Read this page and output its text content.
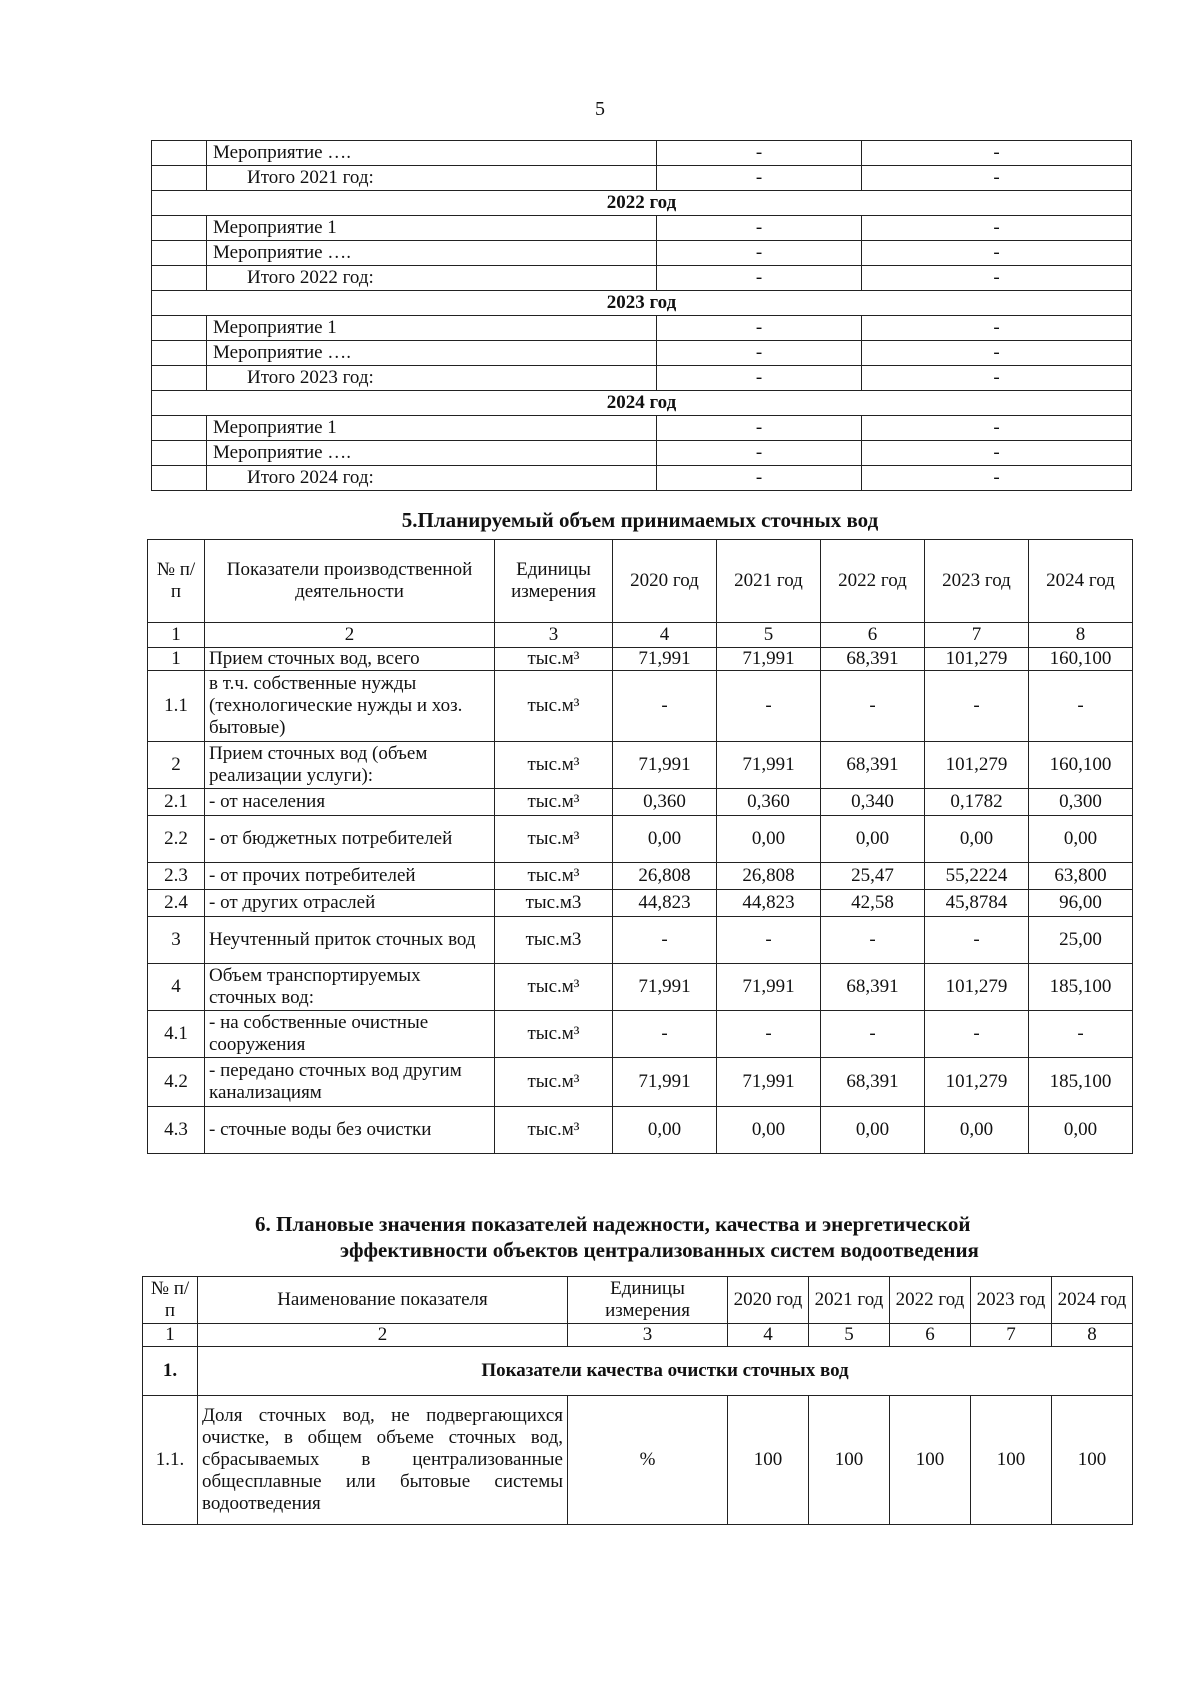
5
	Мероприятие ….	-	-
	Итого 2021 год:	-	-
2022 год			
	Мероприятие 1	-	-
	Мероприятие ….	-	-
	Итого 2022 год:	-	-
2023 год			
	Мероприятие 1	-	-
	Мероприятие ….	-	-
	Итого 2023 год:	-	-
2024 год			
	Мероприятие 1	-	-
	Мероприятие ….	-	-
	Итого 2024 год:	-	-
5.Планируемый объем принимаемых сточных вод
№ п/п	Показатели производственной деятельности	Единицы измерения	2020 год	2021 год	2022 год	2023 год	2024 год
1	2	3	4	5	6	7	8
1	Прием сточных вод, всего	тыс.м³	71,991	71,991	68,391	101,279	160,100
1.1	в т.ч. собственные нужды (технологические нужды и хоз. бытовые)	тыс.м³	-	-	-	-	-
2	Прием сточных вод (объем реализации услуги):	тыс.м³	71,991	71,991	68,391	101,279	160,100
2.1	- от населения	тыс.м³	0,360	0,360	0,340	0,1782	0,300
2.2	- от бюджетных потребителей	тыс.м³	0,00	0,00	0,00	0,00	0,00
2.3	- от прочих потребителей	тыс.м³	26,808	26,808	25,47	55,2224	63,800
2.4	- от других отраслей	тыс.м3	44,823	44,823	42,58	45,8784	96,00
3	Неучтенный приток сточных вод	тыс.м3	-	-	-	-	25,00
4	Объем транспортируемых сточных вод:	тыс.м³	71,991	71,991	68,391	101,279	185,100
4.1	- на собственные очистные сооружения	тыс.м³	-	-	-	-	-
4.2	- передано сточных вод другим канализациям	тыс.м³	71,991	71,991	68,391	101,279	185,100
4.3	- сточные воды без очистки	тыс.м³	0,00	0,00	0,00	0,00	0,00
6. Плановые значения показателей надежности, качества и энергетической
эффективности объектов централизованных систем водоотведения
№ п/п	Наименование показателя	Единицы измерения	2020 год	2021 год	2022 год	2023 год	2024 год
1	2	3	4	5	6	7	8
1.	Показатели качества очистки сточных вод						
1.1.	Доля сточных вод, не подвергающихся очистке, в общем объеме сточных вод, сбрасываемых в централизованные общесплавные или бытовые системы водоотведения	%	100	100	100	100	100
